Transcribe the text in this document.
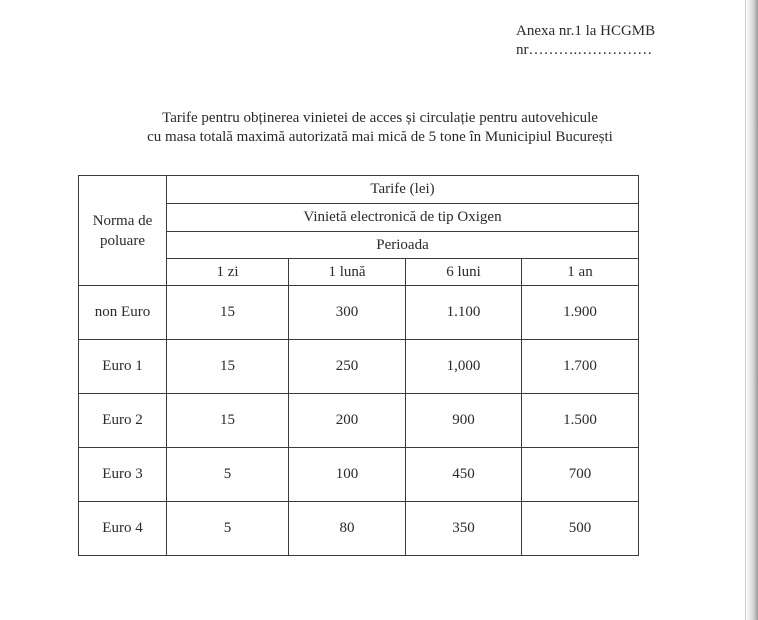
Anexa nr.1 la HCGMB
nr……….……………
Tarife pentru obținerea vinietei de acces și circulație pentru autovehicule
cu masa totală maximă autorizată mai mică de 5 tone în Municipiul București
Norma de poluare	Tarife (lei)			
	Vinietă electronică de tip Oxigen			
	Perioada			
	1 zi	1 lună	6 luni	1 an
non Euro	15	300	1.100	1.900
Euro 1	15	250	1,000	1.700
Euro 2	15	200	900	1.500
Euro 3	5	100	450	700
Euro 4	5	80	350	500
